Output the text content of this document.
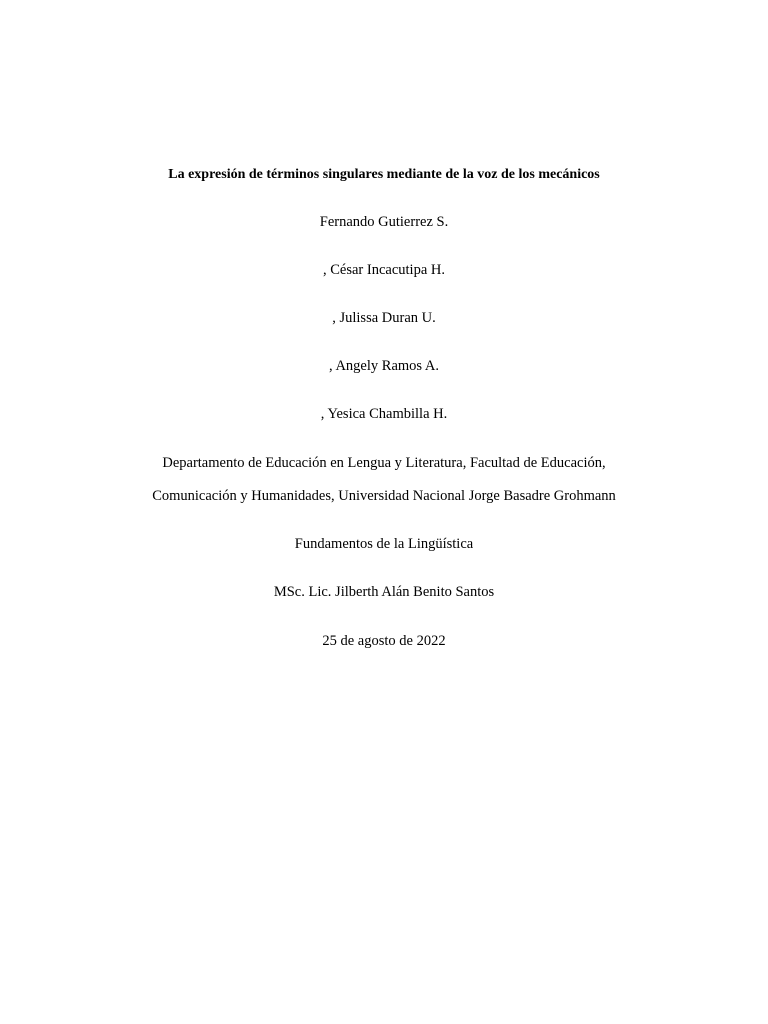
La expresión de términos singulares mediante de la voz de los mecánicos
Fernando Gutierrez S.
, César Incacutipa H.
, Julissa Duran U.
, Angely Ramos A.
, Yesica Chambilla H.
Departamento de Educación en Lengua y Literatura, Facultad de Educación,
Comunicación y Humanidades, Universidad Nacional Jorge Basadre Grohmann
Fundamentos de la Lingüística
MSc. Lic. Jilberth Alán Benito Santos
25 de agosto de 2022
